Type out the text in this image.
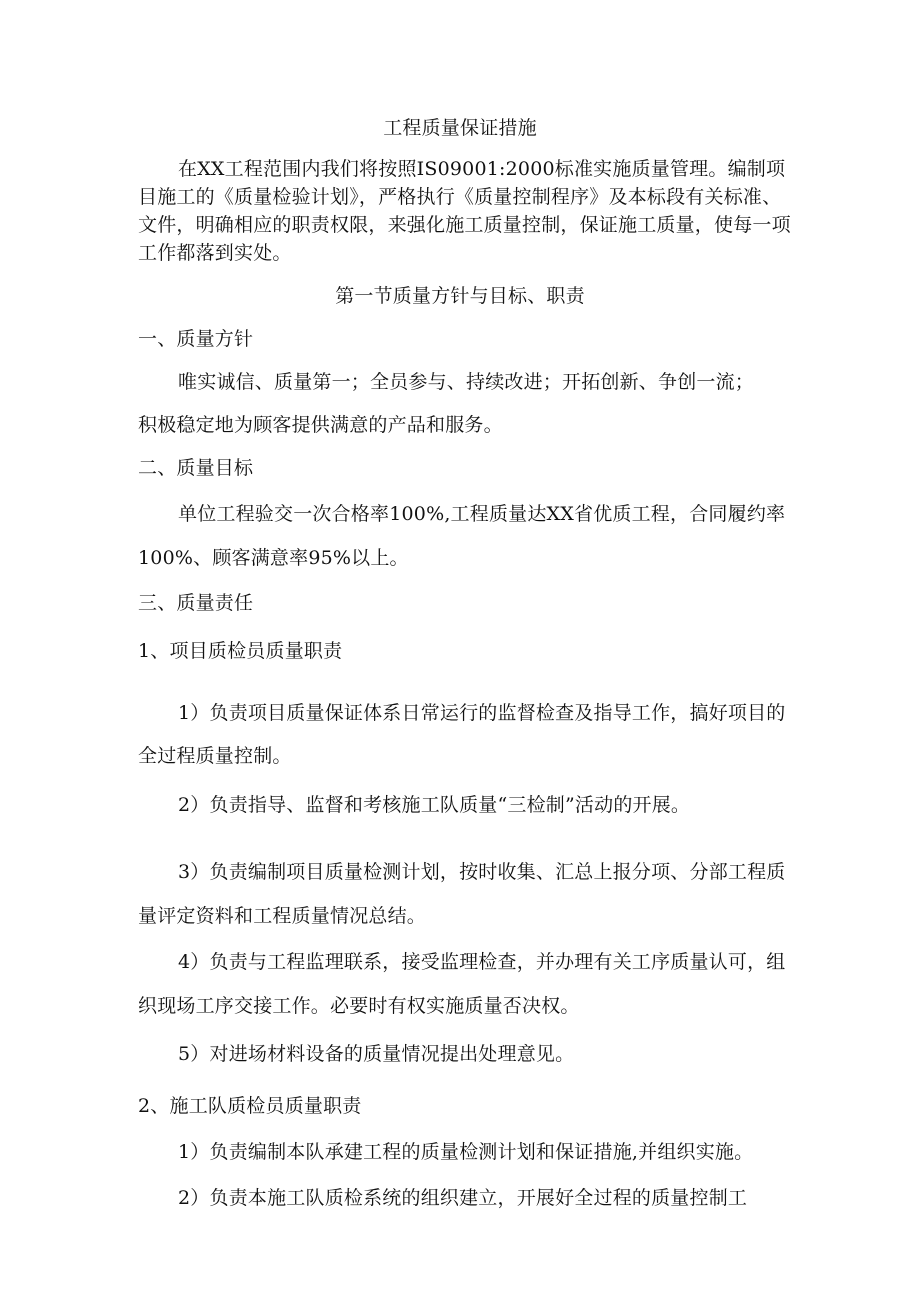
工程质量保证措施
在XX工程范围内我们将按照IS09001:2000标准实施质量管理。编制项
目施工的《质量检验计划》，严格执行《质量控制程序》及本标段有关标准、
文件，明确相应的职责权限，来强化施工质量控制，保证施工质量，使每一项
工作都落到实处。
第一节质量方针与目标、职责
一、质量方针
唯实诚信、质量第一；全员参与、持续改进；开拓创新、争创一流；
积极稳定地为顾客提供满意的产品和服务。
二、质量目标
单位工程验交一次合格率100%,工程质量达XX省优质工程，合同履约率
100%、顾客满意率95%以上。
三、质量责任
1、项目质检员质量职责
1）负责项目质量保证体系日常运行的监督检查及指导工作，搞好项目的
全过程质量控制。
2）负责指导、监督和考核施工队质量“三检制”活动的开展。
3）负责编制项目质量检测计划，按时收集、汇总上报分项、分部工程质
量评定资料和工程质量情况总结。
4）负责与工程监理联系，接受监理检查，并办理有关工序质量认可，组
织现场工序交接工作。必要时有权实施质量否决权。
5）对进场材料设备的质量情况提出处理意见。
2、施工队质检员质量职责
1）负责编制本队承建工程的质量检测计划和保证措施,并组织实施。
2）负责本施工队质检系统的组织建立，开展好全过程的质量控制工
